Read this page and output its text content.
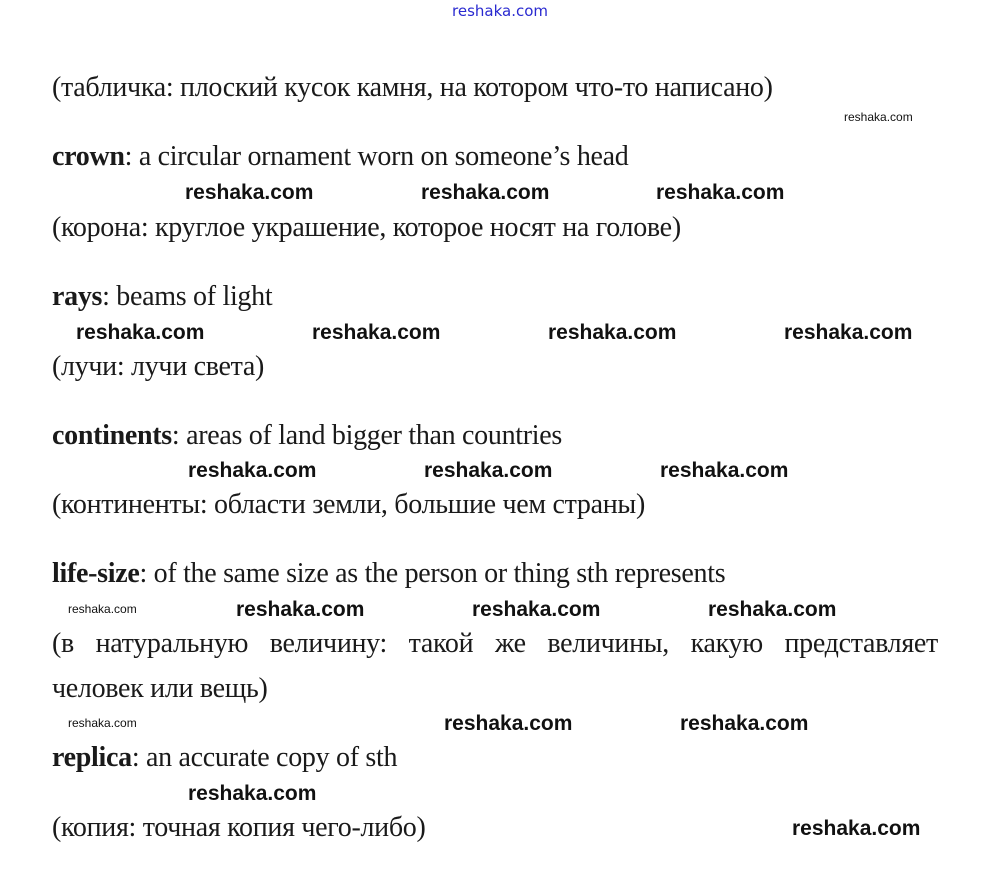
reshaka.com
(табличка: плоский кусок камня, на котором что-то написано)
crown: a circular ornament worn on someone’s head
(корона: круглое украшение, которое носят на голове)
rays: beams of light
(лучи: лучи света)
continents: areas of land bigger than countries
(континенты: области земли, большие чем страны)
life-size: of the same size as the person or thing sth represents
(в натуральную величину: такой же величины, какую представляет
человек или вещь)
replica: an accurate copy of sth
(копия: точная копия чего-либо)
reshaka.com
reshaka.com	reshaka.com	reshaka.com
reshaka.com	reshaka.com	reshaka.com
reshaka.com
reshaka.com	reshaka.com
reshaka.com
reshaka.com	reshaka.com	reshaka.com
reshaka.com
reshaka.com	reshaka.com
reshaka.com
reshaka.com
reshaka.com
